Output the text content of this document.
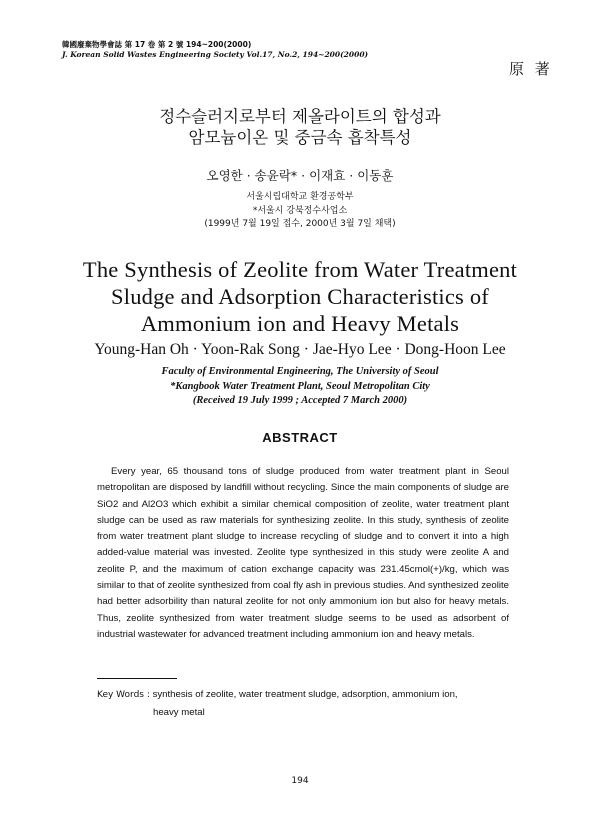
韓國廢棄物學會誌 第 17 卷 第 2 號 194~200(2000)
J. Korean Solid Wastes Engineering Society Vol.17, No.2, 194~200(2000)
原 著
정수슬러지로부터 제올라이트의 합성과
암모늄이온 및 중금속 흡착특성
오영한 · 송윤락* · 이재효 · 이동훈
서울시립대학교 환경공학부
*서울시 강북정수사업소
(1999년 7월 19일 접수, 2000년 3월 7일 채택)
The Synthesis of Zeolite from Water Treatment
Sludge and Adsorption Characteristics of
Ammonium ion and Heavy Metals
Young-Han Oh · Yoon-Rak Song · Jae-Hyo Lee · Dong-Hoon Lee
Faculty of Environmental Engineering, The University of Seoul
*Kangbook Water Treatment Plant, Seoul Metropolitan City
(Received 19 July 1999 ; Accepted 7 March 2000)
ABSTRACT
Every year, 65 thousand tons of sludge produced from water treatment plant in Seoul metropolitan are disposed by landfill without recycling. Since the main components of sludge are SiO2 and Al2O3 which exhibit a similar chemical composition of zeolite, water treatment plant sludge can be used as raw materials for synthesizing zeolite. In this study, synthesis of zeolite from water treatment plant sludge to increase recycling of sludge and to convert it into a high added-value material was invested. Zeolite type synthesized in this study were zeolite A and zeolite P, and the maximum of cation exchange capacity was 231.45cmol(+)/kg, which was similar to that of zeolite synthesized from coal fly ash in previous studies. And synthesized zeolite had better adsorbility than natural zeolite for not only ammonium ion but also for heavy metals. Thus, zeolite synthesized from water treatment sludge seems to be used as adsorbent of industrial wastewater for advanced treatment including ammonium ion and heavy metals.
Key Words : synthesis of zeolite, water treatment sludge, adsorption, ammonium ion,
heavy metal
194
